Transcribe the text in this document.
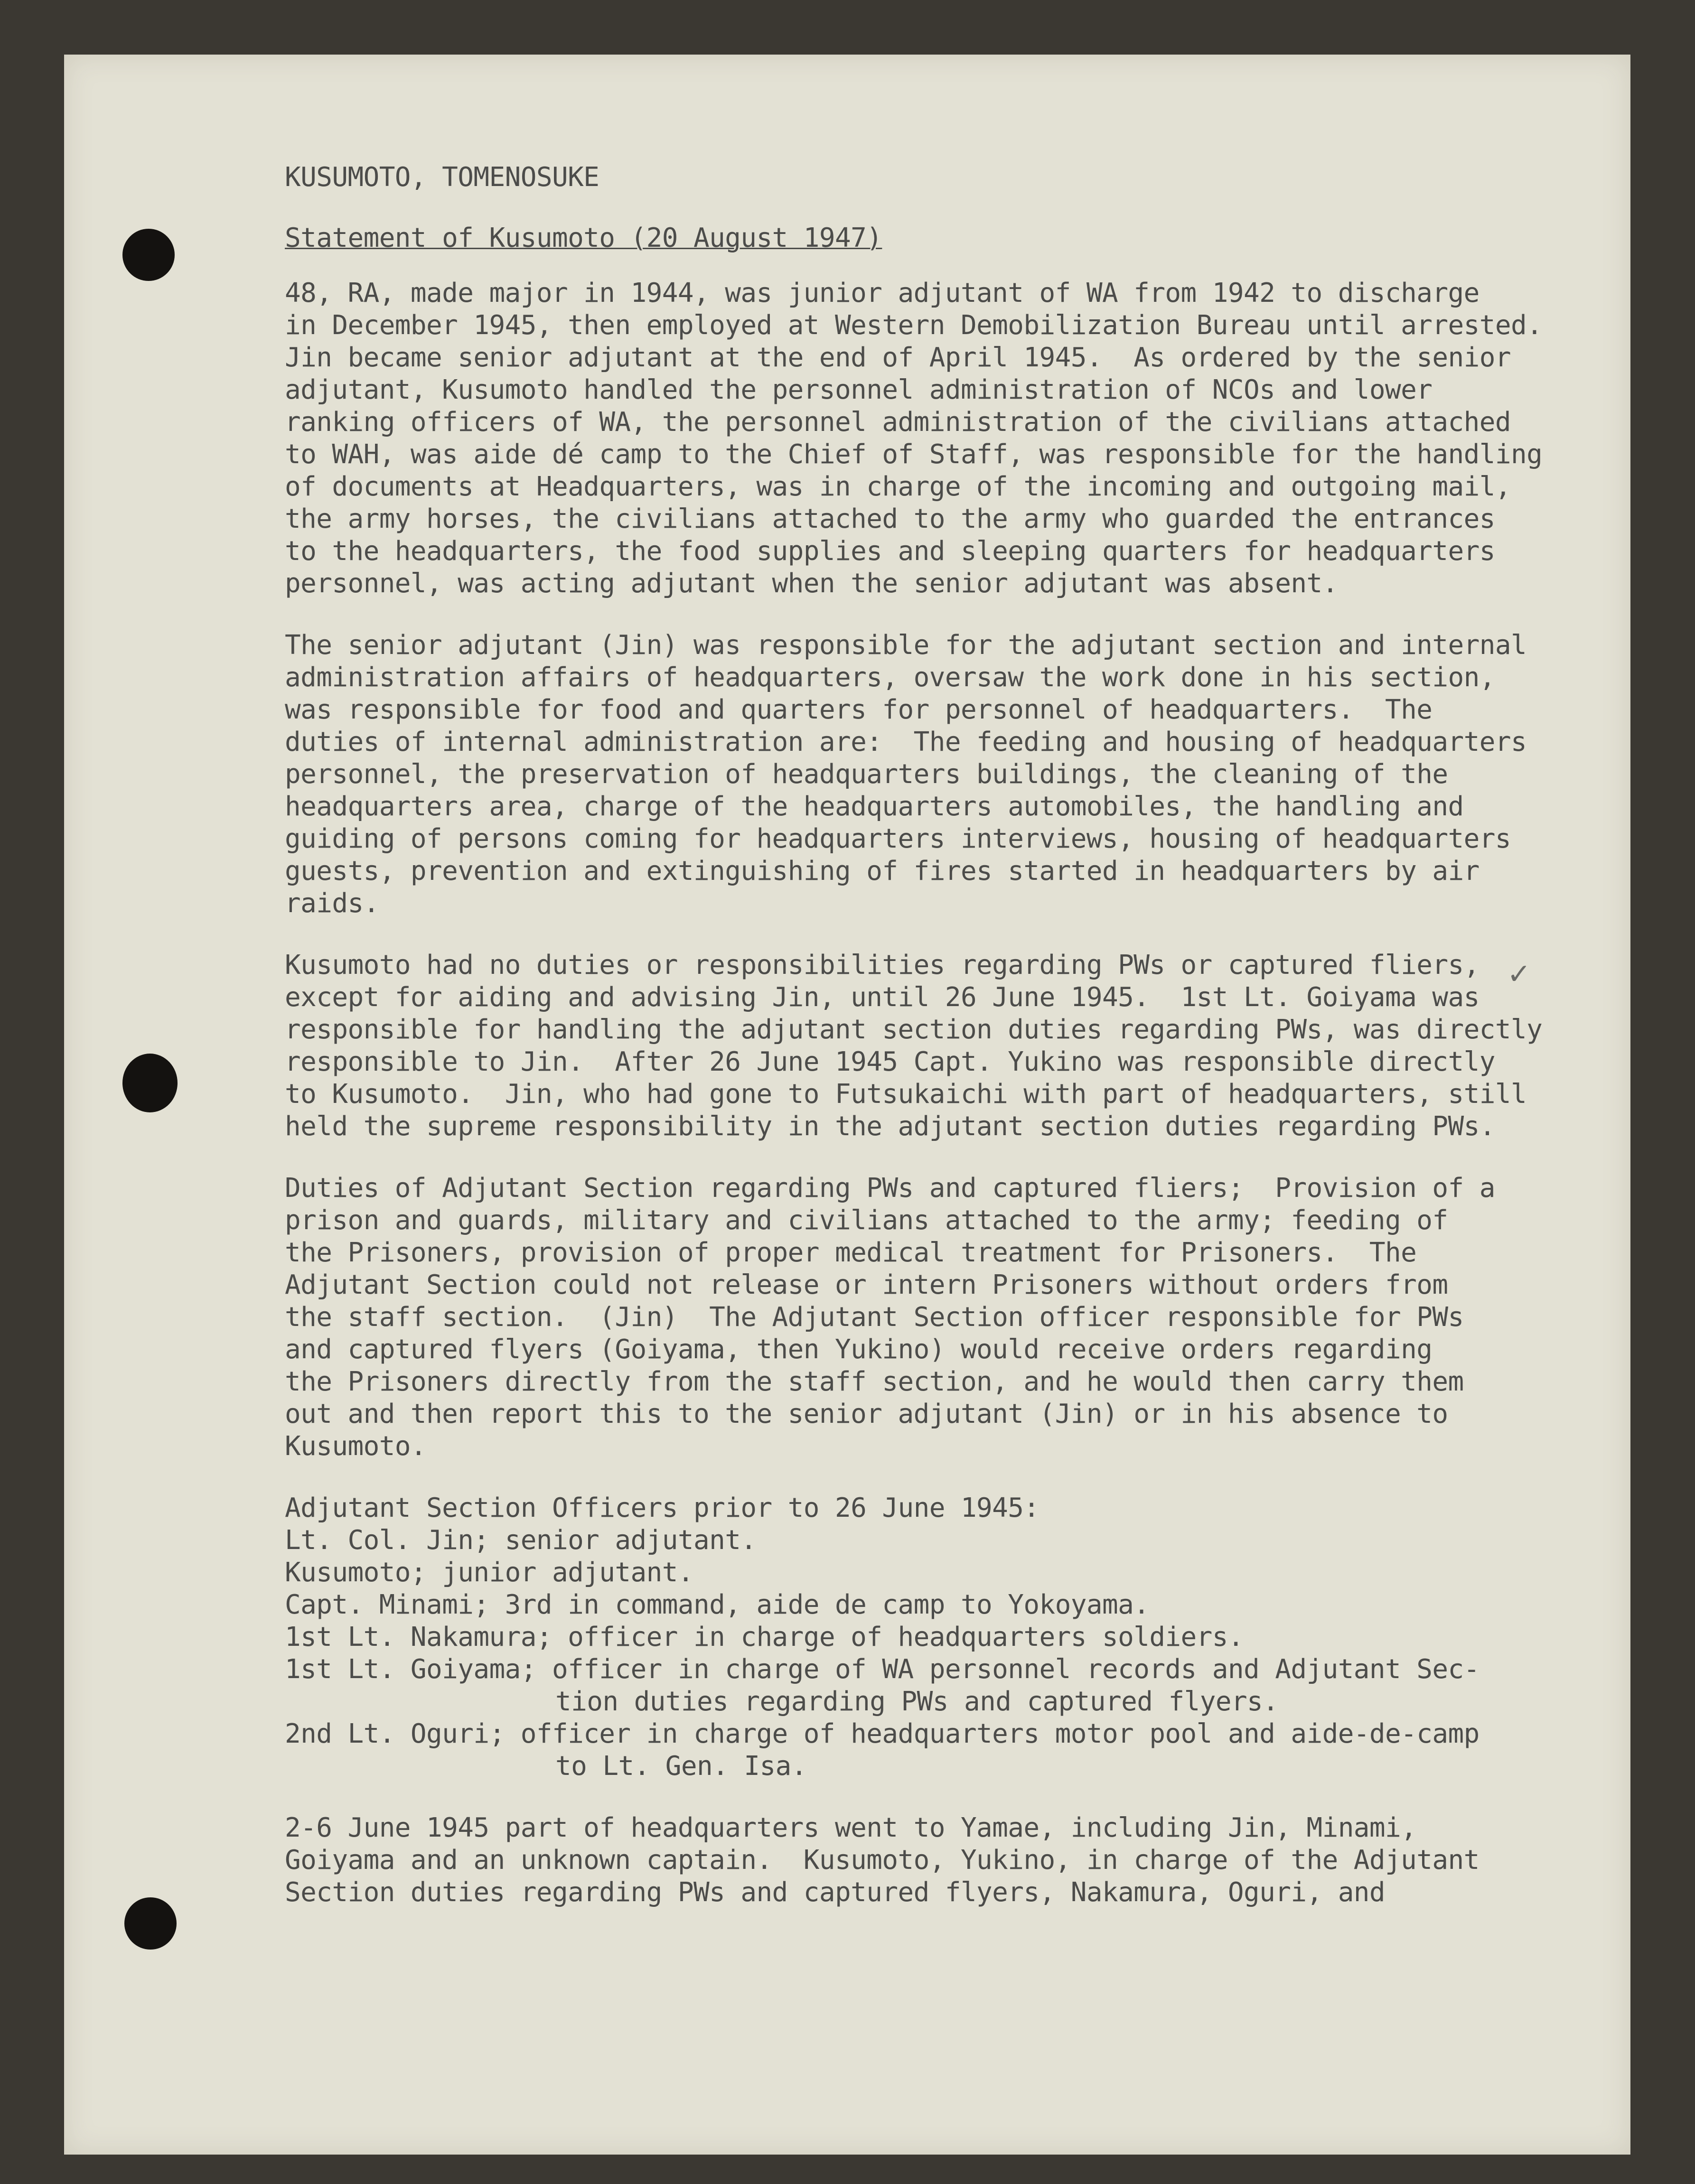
✓
KUSUMOTO, TOMENOSUKE
Statement of Kusumoto (20 August 1947)
48, RA, made major in 1944, was junior adjutant of WA from 1942 to discharge
in December 1945, then employed at Western Demobilization Bureau until arrested.
Jin became senior adjutant at the end of April 1945.  As ordered by the senior
adjutant, Kusumoto handled the personnel administration of NCOs and lower
ranking officers of WA, the personnel administration of the civilians attached
to WAH, was aide dé camp to the Chief of Staff, was responsible for the handling
of documents at Headquarters, was in charge of the incoming and outgoing mail,
the army horses, the civilians attached to the army who guarded the entrances
to the headquarters, the food supplies and sleeping quarters for headquarters
personnel, was acting adjutant when the senior adjutant was absent.
The senior adjutant (Jin) was responsible for the adjutant section and internal
administration affairs of headquarters, oversaw the work done in his section,
was responsible for food and quarters for personnel of headquarters.  The
duties of internal administration are:  The feeding and housing of headquarters
personnel, the preservation of headquarters buildings, the cleaning of the
headquarters area, charge of the headquarters automobiles, the handling and
guiding of persons coming for headquarters interviews, housing of headquarters
guests, prevention and extinguishing of fires started in headquarters by air
raids.
Kusumoto had no duties or responsibilities regarding PWs or captured fliers,
except for aiding and advising Jin, until 26 June 1945.  1st Lt. Goiyama was
responsible for handling the adjutant section duties regarding PWs, was directly
responsible to Jin.  After 26 June 1945 Capt. Yukino was responsible directly
to Kusumoto.  Jin, who had gone to Futsukaichi with part of headquarters, still
held the supreme responsibility in the adjutant section duties regarding PWs.
Duties of Adjutant Section regarding PWs and captured fliers;  Provision of a
prison and guards, military and civilians attached to the army; feeding of
the Prisoners, provision of proper medical treatment for Prisoners.  The
Adjutant Section could not release or intern Prisoners without orders from
the staff section.  (Jin)  The Adjutant Section officer responsible for PWs
and captured flyers (Goiyama, then Yukino) would receive orders regarding
the Prisoners directly from the staff section, and he would then carry them
out and then report this to the senior adjutant (Jin) or in his absence to
Kusumoto.
Adjutant Section Officers prior to 26 June 1945:
Lt. Col. Jin; senior adjutant.
Kusumoto; junior adjutant.
Capt. Minami; 3rd in command, aide de camp to Yokoyama.
1st Lt. Nakamura; officer in charge of headquarters soldiers.
1st Lt. Goiyama; officer in charge of WA personnel records and Adjutant Sec-
tion duties regarding PWs and captured flyers.
2nd Lt. Oguri; officer in charge of headquarters motor pool and aide-de-camp
to Lt. Gen. Isa.
2-6 June 1945 part of headquarters went to Yamae, including Jin, Minami,
Goiyama and an unknown captain.  Kusumoto, Yukino, in charge of the Adjutant
Section duties regarding PWs and captured flyers, Nakamura, Oguri, and
